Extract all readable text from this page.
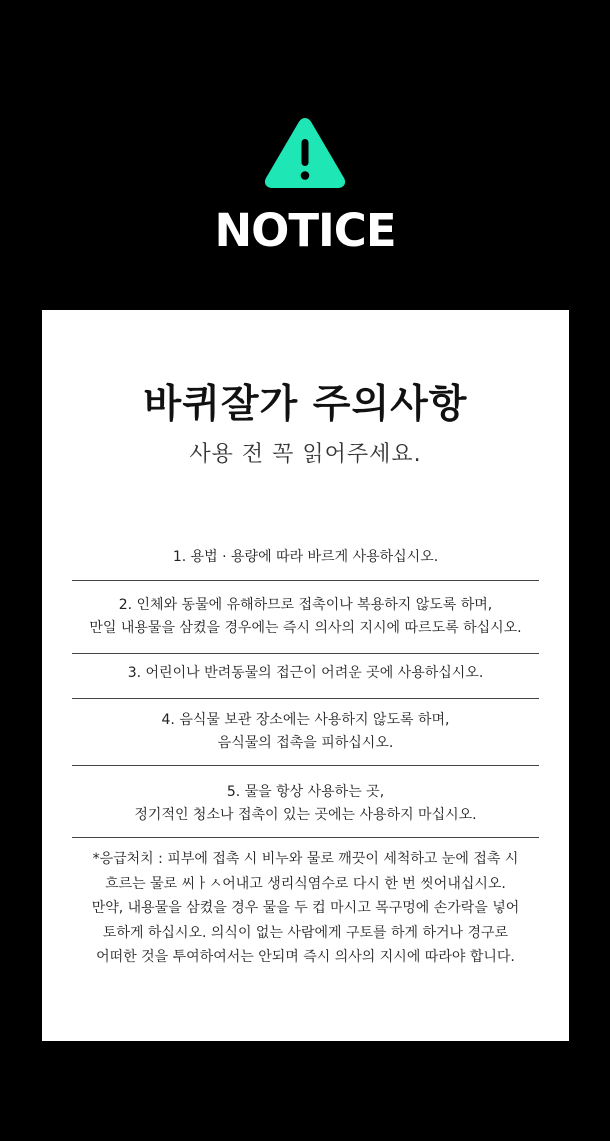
NOTICE
바퀴잘가 주의사항
사용 전 꼭 읽어주세요.
1. 용법 · 용량에 따라 바르게 사용하십시오.
2. 인체와 동물에 유해하므로 접촉이나 복용하지 않도록 하며,
만일 내용물을 삼켰을 경우에는 즉시 의사의 지시에 따르도록 하십시오.
3. 어린이나 반려동물의 접근이 어려운 곳에 사용하십시오.
4. 음식물 보관 장소에는 사용하지 않도록 하며,
음식물의 접촉을 피하십시오.
5. 물을 항상 사용하는 곳,
정기적인 청소나 접촉이 있는 곳에는 사용하지 마십시오.
*응급처치 : 피부에 접촉 시 비누와 물로 깨끗이 세척하고 눈에 접촉 시
흐르는 물로 씨ㅏㅅ어내고 생리식염수로 다시 한 번 씻어내십시오.
만약, 내용물을 삼켰을 경우 물을 두 컵 마시고 목구멍에 손가락을 넣어
토하게 하십시오. 의식이 없는 사람에게 구토를 하게 하거나 경구로
어떠한 것을 투여하여서는 안되며 즉시 의사의 지시에 따라야 합니다.
